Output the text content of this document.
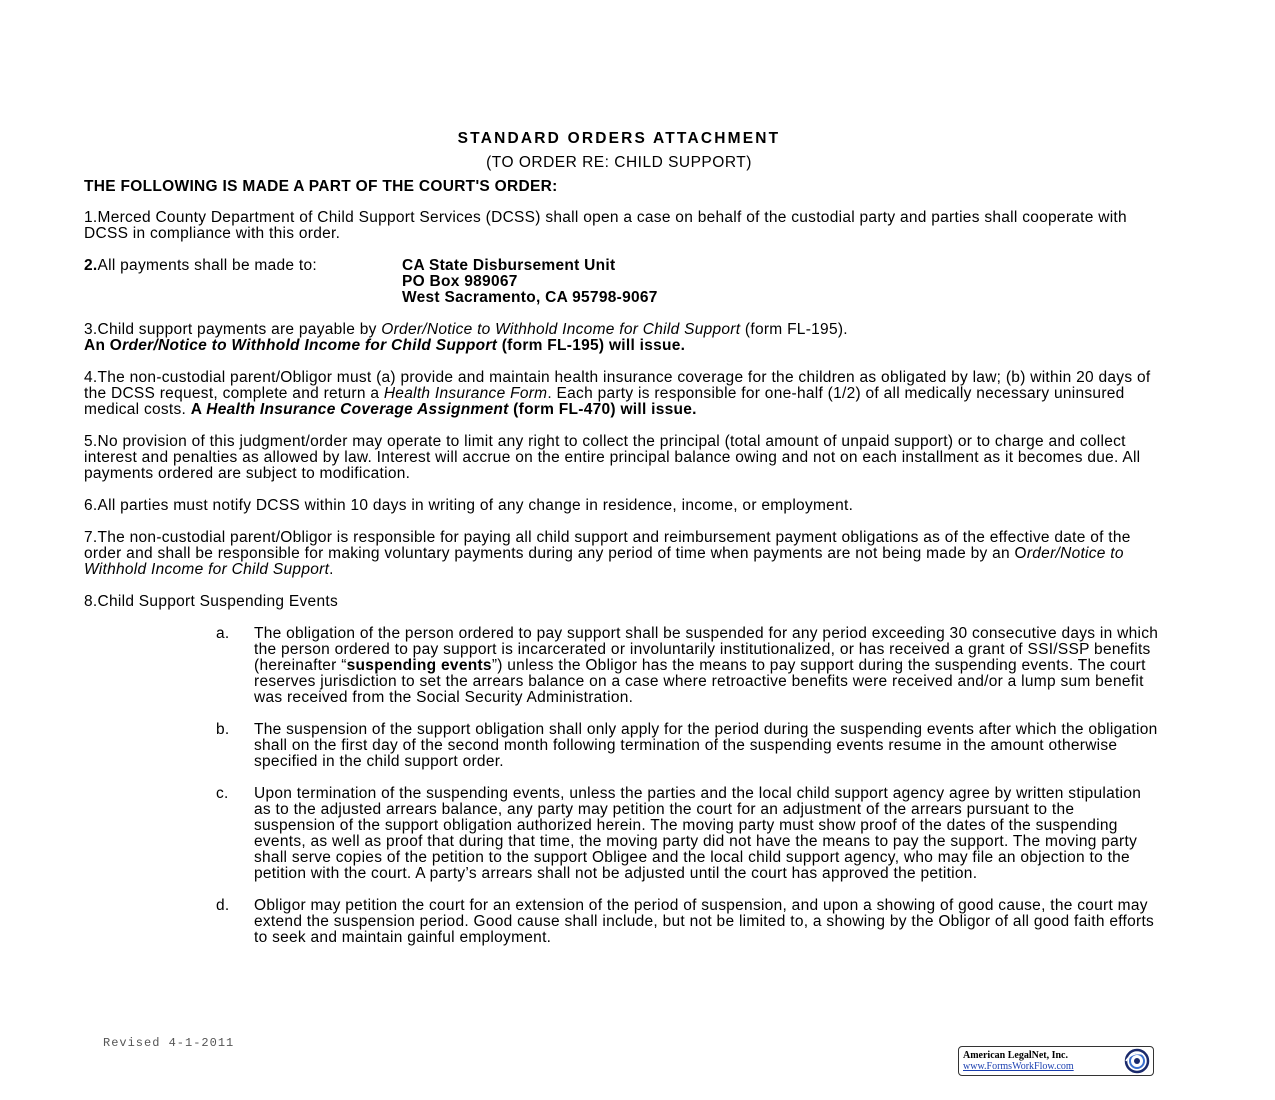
STANDARD ORDERS ATTACHMENT
(TO ORDER RE: CHILD SUPPORT)
THE FOLLOWING IS MADE A PART OF THE COURT'S ORDER:

1.Merced County Department of Child Support Services (DCSS) shall open a case on behalf of the custodial party and parties shall cooperate with DCSS in compliance with this order.

2.All payments shall be made to:	CA State Disbursement Unit
PO Box 989067
West Sacramento, CA 95798-9067

3.Child support payments are payable by Order/Notice to Withhold Income for Child Support (form FL-195).
An Order/Notice to Withhold Income for Child Support (form FL-195) will issue.

4.The non-custodial parent/Obligor must (a) provide and maintain health insurance coverage for the children as obligated by law; (b) within 20 days of the DCSS request, complete and return a Health Insurance Form. Each party is responsible for one-half (1/2) of all medically necessary uninsured medical costs. A Health Insurance Coverage Assignment (form FL-470) will issue.

5.No provision of this judgment/order may operate to limit any right to collect the principal (total amount of unpaid support) or to charge and collect interest and penalties as allowed by law. Interest will accrue on the entire principal balance owing and not on each installment as it becomes due. All payments ordered are subject to modification.

6.All parties must notify DCSS within 10 days in writing of any change in residence, income, or employment.

7.The non-custodial parent/Obligor is responsible for paying all child support and reimbursement payment obligations as of the effective date of the order and shall be responsible for making voluntary payments during any period of time when payments are not being made by an Order/Notice to Withhold Income for Child Support.

8.Child Support Suspending Events

a.	The obligation of the person ordered to pay support shall be suspended for any period exceeding 30 consecutive days in which the person ordered to pay support is incarcerated or involuntarily institutionalized, or has received a grant of SSI/SSP benefits (hereinafter “suspending events”) unless the Obligor has the means to pay support during the suspending events. The court reserves jurisdiction to set the arrears balance on a case where retroactive benefits were received and/or a lump sum benefit was received from the Social Security Administration.
b.	The suspension of the support obligation shall only apply for the period during the suspending events after which the obligation shall on the first day of the second month following termination of the suspending events resume in the amount otherwise specified in the child support order.
c.	Upon termination of the suspending events, unless the parties and the local child support agency agree by written stipulation as to the adjusted arrears balance, any party may petition the court for an adjustment of the arrears pursuant to the suspension of the support obligation authorized herein. The moving party must show proof of the dates of the suspending events, as well as proof that during that time, the moving party did not have the means to pay the support. The moving party shall serve copies of the petition to the support Obligee and the local child support agency, who may file an objection to the petition with the court. A party’s arrears shall not be adjusted until the court has approved the petition.
d.	Obligor may petition the court for an extension of the period of suspension, and upon a showing of good cause, the court may extend the suspension period. Good cause shall include, but not be limited to, a showing by the Obligor of all good faith efforts to seek and maintain gainful employment.
Revised 4-1-2011
American LegalNet, Inc.
www.FormsWorkFlow.com
